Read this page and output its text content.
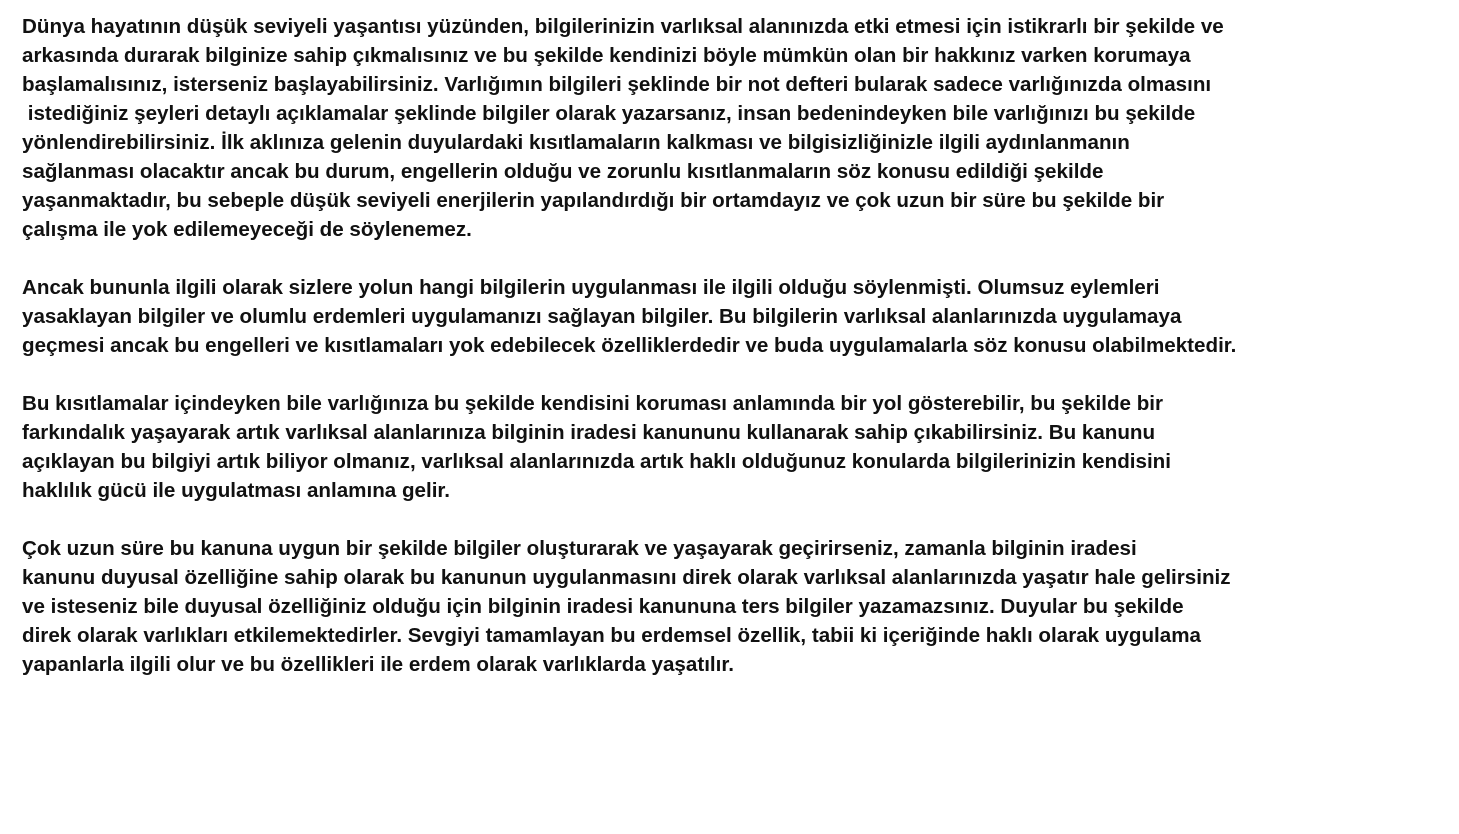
Dünya hayatının düşük seviyeli yaşantısı yüzünden, bilgilerinizin varlıksal alanınızda etki etmesi için istikrarlı bir şekilde ve
arkasında durarak bilginize sahip çıkmalısınız ve bu şekilde kendinizi böyle mümkün olan bir hakkınız varken korumaya
başlamalısınız, isterseniz başlayabilirsiniz. Varlığımın bilgileri şeklinde bir not defteri bularak sadece varlığınızda olmasını
istediğiniz şeyleri detaylı açıklamalar şeklinde bilgiler olarak yazarsanız, insan bedenindeyken bile varlığınızı bu şekilde
yönlendirebilirsiniz. İlk aklınıza gelenin duyulardaki kısıtlamaların kalkması ve bilgisizliğinizle ilgili aydınlanmanın
sağlanması olacaktır ancak bu durum, engellerin olduğu ve zorunlu kısıtlanmaların söz konusu edildiği şekilde
yaşanmaktadır, bu sebeple düşük seviyeli enerjilerin yapılandırdığı bir ortamdayız ve çok uzun bir süre bu şekilde bir
çalışma ile yok edilemeyeceği de söylenemez.

Ancak bununla ilgili olarak sizlere yolun hangi bilgilerin uygulanması ile ilgili olduğu söylenmişti. Olumsuz eylemleri
yasaklayan bilgiler ve olumlu erdemleri uygulamanızı sağlayan bilgiler. Bu bilgilerin varlıksal alanlarınızda uygulamaya
geçmesi ancak bu engelleri ve kısıtlamaları yok edebilecek özelliklerdedir ve buda uygulamalarla söz konusu olabilmektedir.

Bu kısıtlamalar içindeyken bile varlığınıza bu şekilde kendisini koruması anlamında bir yol gösterebilir, bu şekilde bir
farkındalık yaşayarak artık varlıksal alanlarınıza bilginin iradesi kanununu kullanarak sahip çıkabilirsiniz. Bu kanunu
açıklayan bu bilgiyi artık biliyor olmanız, varlıksal alanlarınızda artık haklı olduğunuz konularda bilgilerinizin kendisini
haklılık gücü ile uygulatması anlamına gelir.

Çok uzun süre bu kanuna uygun bir şekilde bilgiler oluşturarak ve yaşayarak geçirirseniz, zamanla bilginin iradesi
kanunu duyusal özelliğine sahip olarak bu kanunun uygulanmasını direk olarak varlıksal alanlarınızda yaşatır hale gelirsiniz
ve isteseniz bile duyusal özelliğiniz olduğu için bilginin iradesi kanununa ters bilgiler yazamazsınız. Duyular bu şekilde
direk olarak varlıkları etkilemektedirler. Sevgiyi tamamlayan bu erdemsel özellik, tabii ki içeriğinde haklı olarak uygulama
yapanlarla ilgili olur ve bu özellikleri ile erdem olarak varlıklarda yaşatılır.
